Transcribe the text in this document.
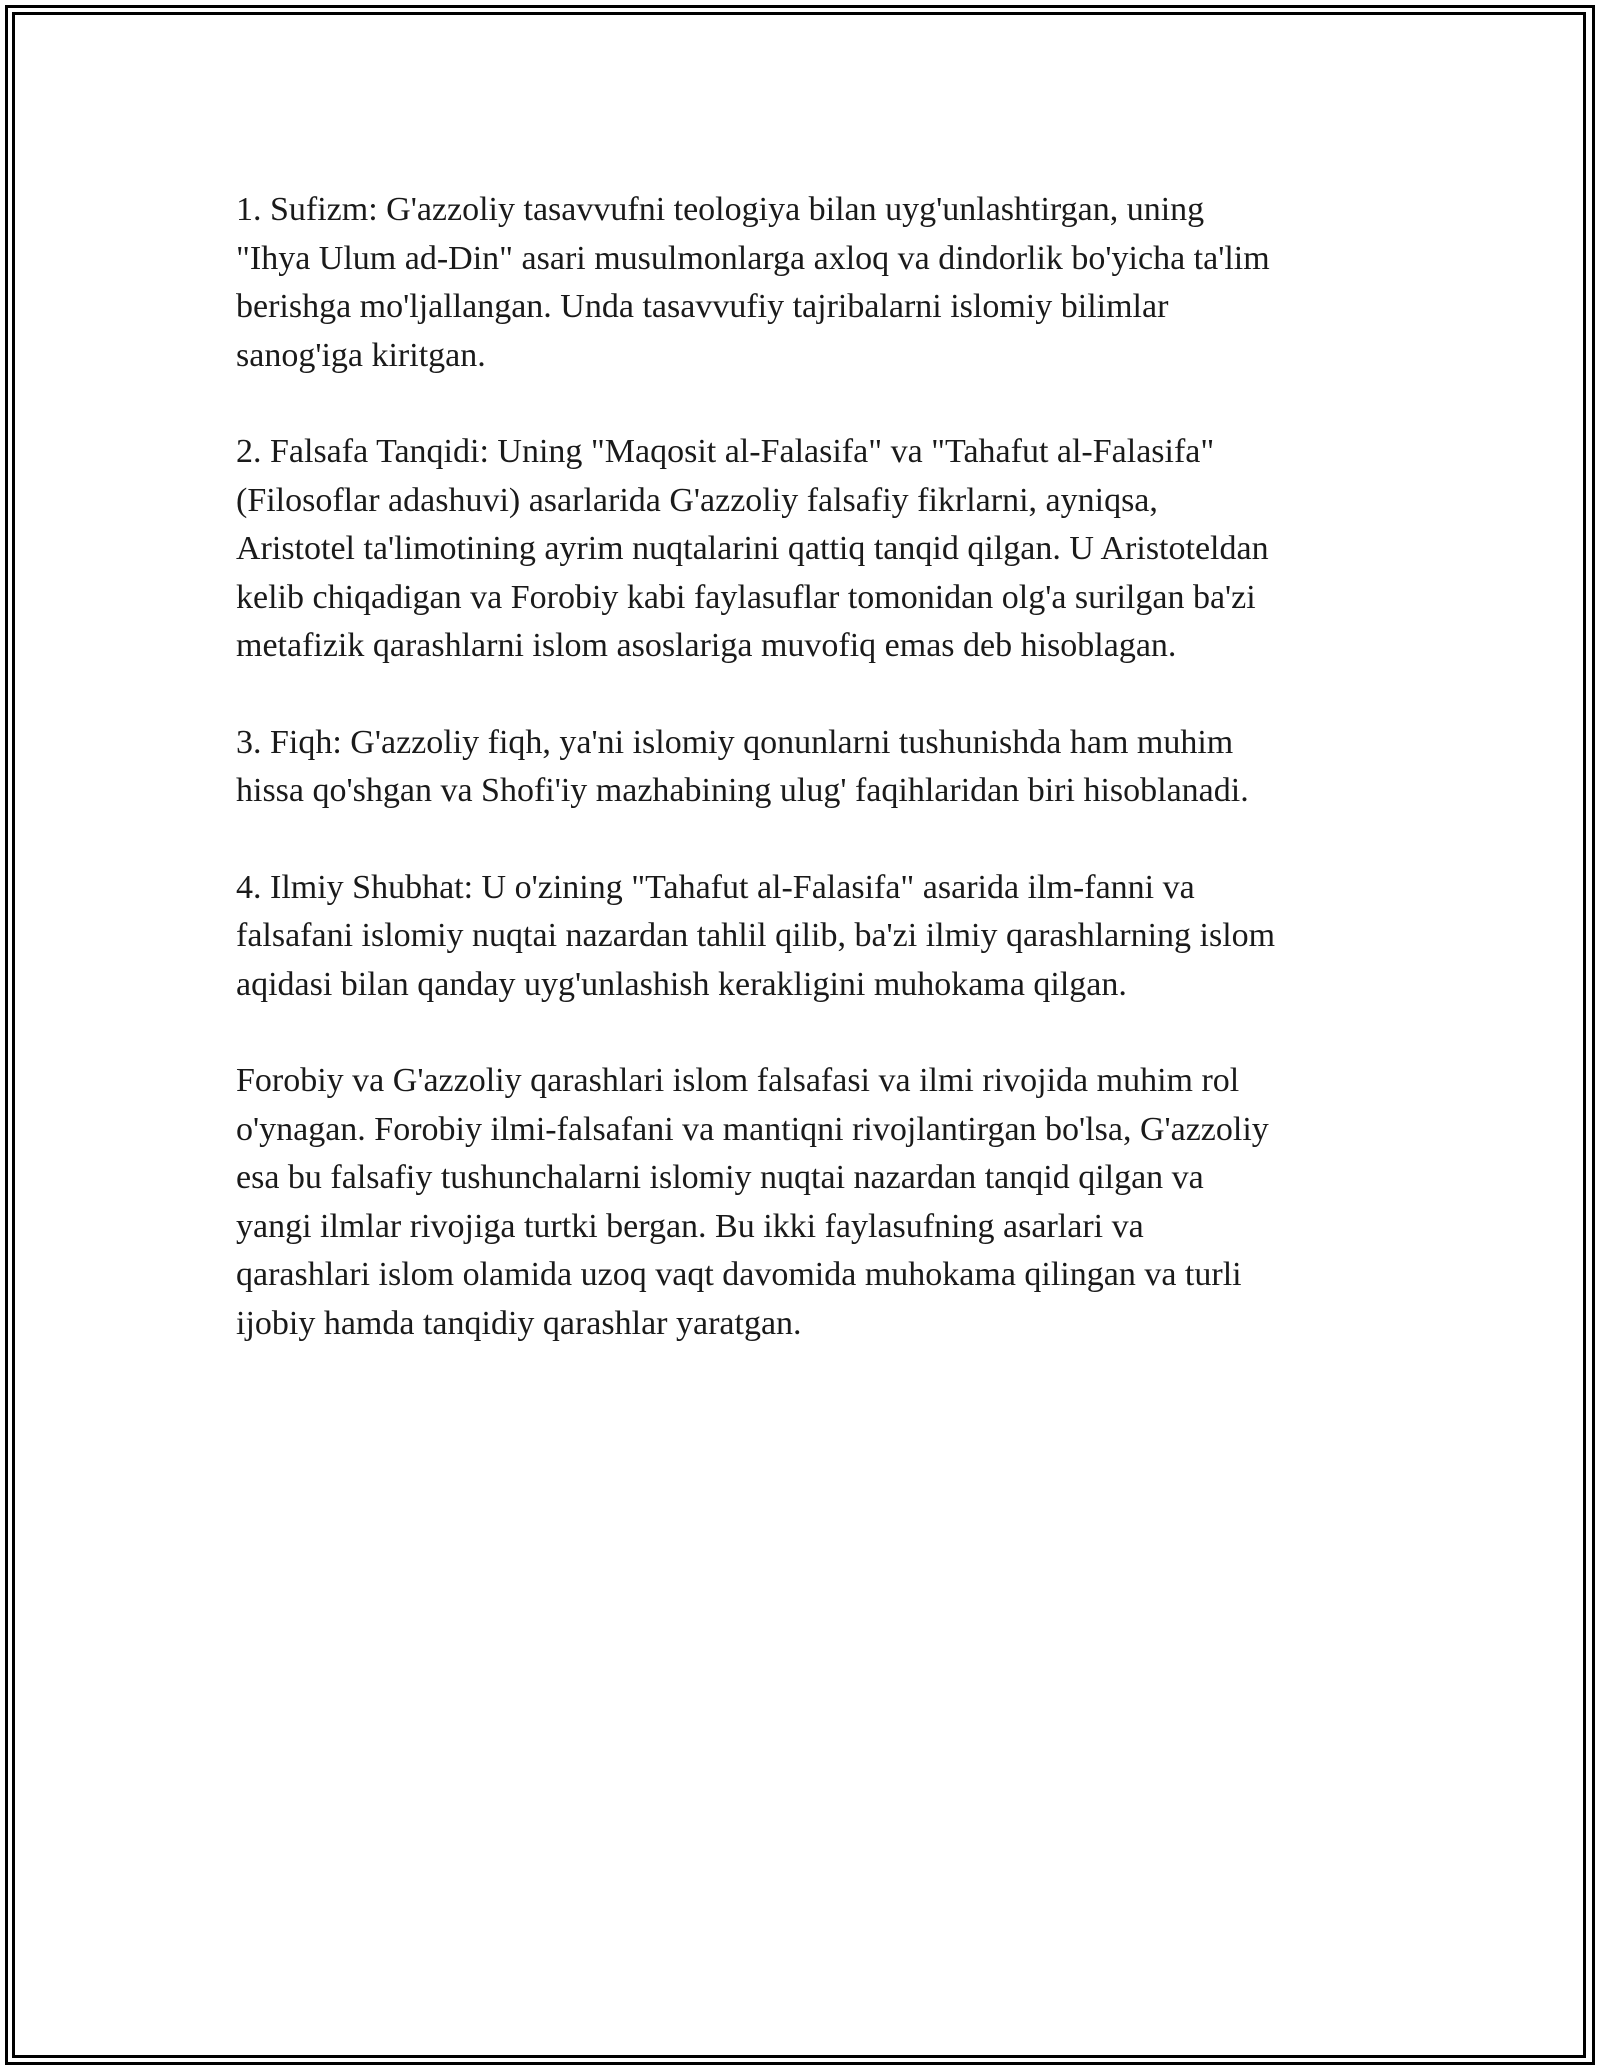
1. Sufizm: G'azzoliy tasavvufni teologiya bilan uyg'unlashtirgan, uning
"Ihya Ulum ad-Din" asari musulmonlarga axloq va dindorlik bo'yicha ta'lim
berishga mo'ljallangan. Unda tasavvufiy tajribalarni islomiy bilimlar
sanog'iga kiritgan.

2. Falsafa Tanqidi: Uning "Maqosit al-Falasifa" va "Tahafut al-Falasifa"
(Filosoflar adashuvi) asarlarida G'azzoliy falsafiy fikrlarni, ayniqsa,
Aristotel ta'limotining ayrim nuqtalarini qattiq tanqid qilgan. U Aristoteldan
kelib chiqadigan va Forobiy kabi faylasuflar tomonidan olg'a surilgan ba'zi
metafizik qarashlarni islom asoslariga muvofiq emas deb hisoblagan.

3. Fiqh: G'azzoliy fiqh, ya'ni islomiy qonunlarni tushunishda ham muhim
hissa qo'shgan va Shofi'iy mazhabining ulug' faqihlaridan biri hisoblanadi.

4. Ilmiy Shubhat: U o'zining "Tahafut al-Falasifa" asarida ilm-fanni va
falsafani islomiy nuqtai nazardan tahlil qilib, ba'zi ilmiy qarashlarning islom
aqidasi bilan qanday uyg'unlashish kerakligini muhokama qilgan.

Forobiy va G'azzoliy qarashlari islom falsafasi va ilmi rivojida muhim rol
o'ynagan. Forobiy ilmi-falsafani va mantiqni rivojlantirgan bo'lsa, G'azzoliy
esa bu falsafiy tushunchalarni islomiy nuqtai nazardan tanqid qilgan va
yangi ilmlar rivojiga turtki bergan. Bu ikki faylasufning asarlari va
qarashlari islom olamida uzoq vaqt davomida muhokama qilingan va turli
ijobiy hamda tanqidiy qarashlar yaratgan.
